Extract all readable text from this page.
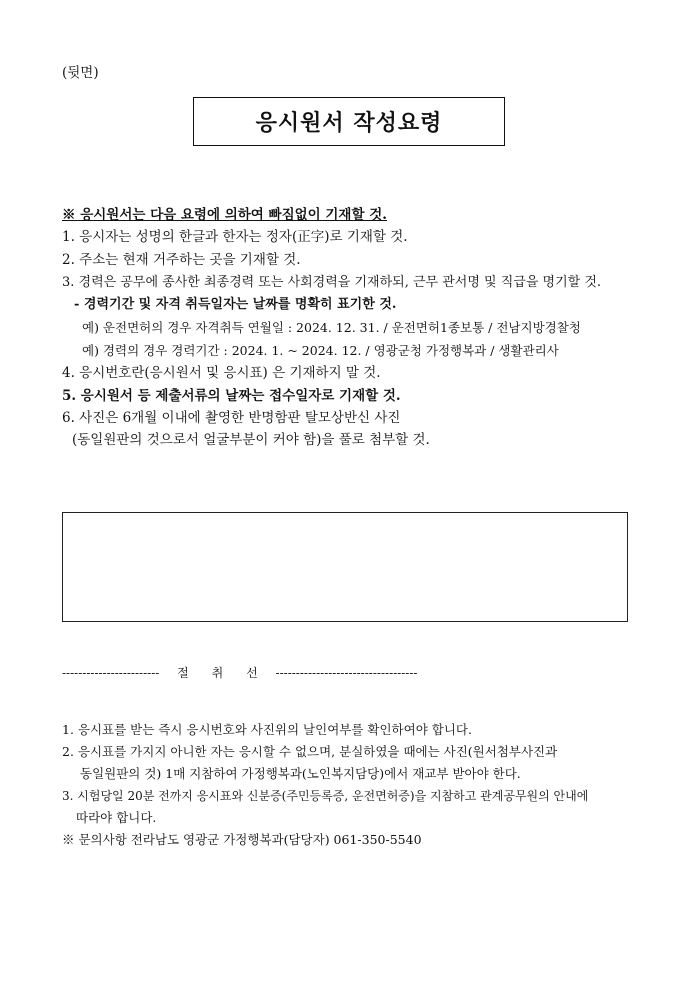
(뒷면)
응시원서 작성요령
※ 응시원서는 다음 요령에 의하여 빠짐없이 기재할 것.
1. 응시자는 성명의 한글과 한자는 정자(正字)로 기재할 것.
2. 주소는 현재 거주하는 곳을 기재할 것.
3. 경력은 공무에 종사한 최종경력 또는 사회경력을 기재하되, 근무 관서명 및 직급을 명기할 것.
- 경력기간 및 자격 취득일자는 날짜를 명확히 표기한 것.
예) 운전면허의 경우 자격취득 연월일 : 2024. 12. 31. / 운전면허1종보통 / 전남지방경찰청
예) 경력의 경우 경력기간 : 2024. 1. ~ 2024. 12. / 영광군청 가정행복과 / 생활관리사
4. 응시번호란(응시원서 및 응시표) 은 기재하지 말 것.
5. 응시원서 등 제출서류의 날짜는 접수일자로 기재할 것.
6. 사진은 6개월 이내에 촬영한 반명함판 탈모상반신 사진
(동일원판의 것으로서 얼굴부분이 커야 함)을 풀로 첨부할 것.
------------------------ 절      취      선 -----------------------------------
1. 응시표를 받는 즉시 응시번호와 사진위의 날인여부를 확인하여야 합니다.
2. 응시표를 가지지 아니한 자는 응시할 수 없으며, 분실하였을 때에는 사진(원서첨부사진과
동일원판의 것) 1매 지참하여 가정행복과(노인복지담당)에서 재교부 받아야 한다.
3. 시험당일 20분 전까지 응시표와 신분증(주민등록증, 운전면허증)을 지참하고 관계공무원의 안내에
따라야 합니다.
※ 문의사항 전라남도 영광군 가정행복과(담당자) 061-350-5540
